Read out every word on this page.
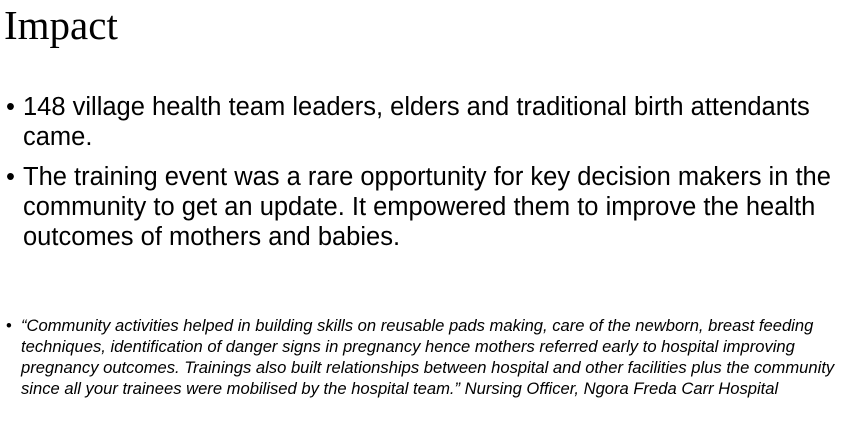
Impact
• 148 village health team leaders, elders and traditional birth attendants came.
• The training event was a rare opportunity for key decision makers in the community to get an update. It empowered them to improve the health outcomes of mothers and babies.
• “Community activities helped in building skills on reusable pads making, care of the newborn, breast feeding techniques, identification of danger signs in pregnancy hence mothers referred early to hospital improving pregnancy outcomes. Trainings also built relationships between hospital and other facilities plus the community since all your trainees were mobilised by the hospital team.” Nursing Officer, Ngora Freda Carr Hospital
